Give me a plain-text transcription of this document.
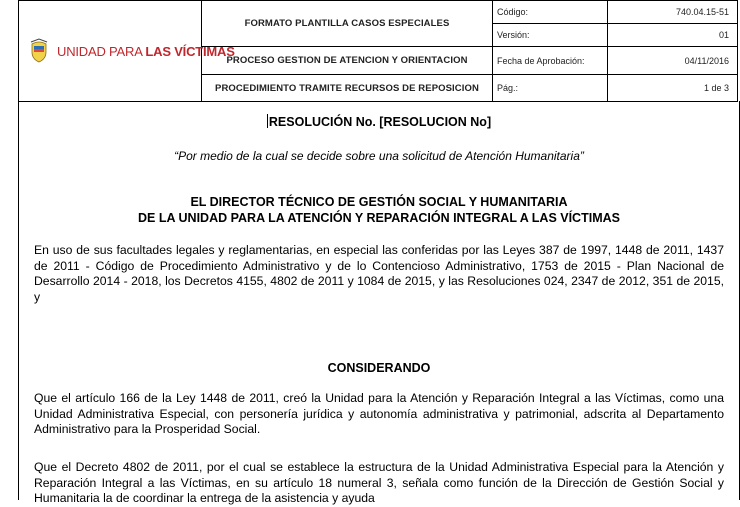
UNIDAD PARA LAS VÍCTIMAS	FORMATO PLANTILLA CASOS ESPECIALES	Código:	740.04.15-51
		Versión:	01
	PROCESO GESTION DE ATENCION Y ORIENTACION	Fecha de Aprobación:	04/11/2016
	PROCEDIMIENTO TRAMITE RECURSOS DE REPOSICION	Pág.:	1 de 3
RESOLUCIÓN No. [RESOLUCION No]
“Por medio de la cual se decide sobre una solicitud de Atención Humanitaria”
EL DIRECTOR TÉCNICO DE GESTIÓN SOCIAL Y HUMANITARIA
DE LA UNIDAD PARA LA ATENCIÓN Y REPARACIÓN INTEGRAL A LAS VÍCTIMAS
En uso de sus facultades legales y reglamentarias, en especial las conferidas por las Leyes 387 de 1997, 1448 de 2011, 1437 de 2011 - Código de Procedimiento Administrativo y de lo Contencioso Administrativo, 1753 de 2015 - Plan Nacional de Desarrollo 2014 - 2018, los Decretos 4155, 4802 de 2011 y 1084 de 2015, y las Resoluciones 024, 2347 de 2012, 351 de 2015, y
CONSIDERANDO
Que el artículo 166 de la Ley 1448 de 2011, creó la Unidad para la Atención y Reparación Integral a las Víctimas, como una Unidad Administrativa Especial, con personería jurídica y autonomía administrativa y patrimonial, adscrita al Departamento Administrativo para la Prosperidad Social.
Que el Decreto 4802 de 2011, por el cual se establece la estructura de la Unidad Administrativa Especial para la Atención y Reparación Integral a las Víctimas, en su artículo 18 numeral 3, señala como función de la Dirección de Gestión Social y Humanitaria la de coordinar la entrega de la asistencia y ayuda
